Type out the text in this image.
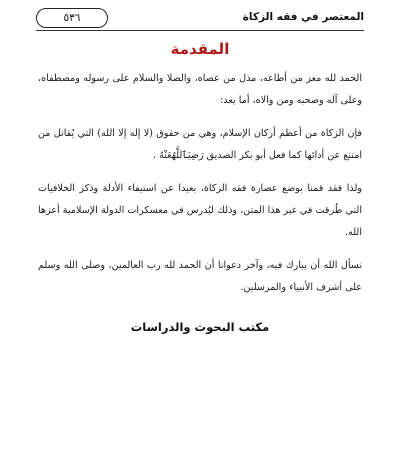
المعتصر في فقه الزكاة
٥٣٦
المقدمة

الحمد لله معز من أطاعه، مذل من عصاه، والصلا والسلام على رسوله ومصطفاه، وعلى آله وصحبه ومن والاه، أما بعد:

فإن الزكاة من أعظم أركان الإسلام، وهي من حقوق (لا إله إلا الله) التي يُقاتل من امتنع عن أدائها كما فعل أبو بكر الصديق رَضِيَٱللَّهُعَنْهُ .

ولذا فقد قمنا بوضع عصارة فقه الزكاة، بعيدا عن استيفاء الأدلة وذكر الخلافيات التي طُرقت في غير هذا المتن، وذلك ليُدرس في معسكرات الدولة الإسلامية أعزها الله.

نسأل الله أن يبارك فيه، وآخر دعوانا أن الحمد لله رب العالمين، وصلى الله وسلم على أشرف الأنبياء والمرسلين.

مكتب البحوث والدراسات
